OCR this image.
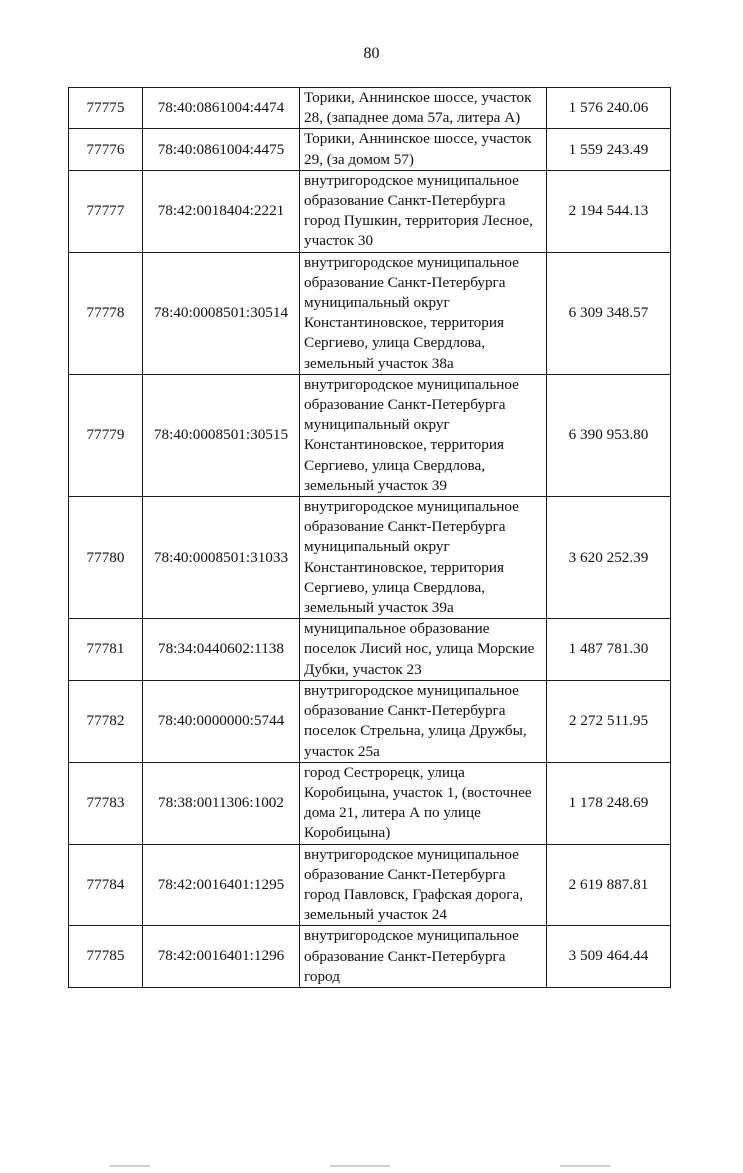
80
77775	78:40:0861004:4474	Торики, Аннинское шоссе, участок 28, (западнее дома 57а, литера А)	1 576 240.06
77776	78:40:0861004:4475	Торики, Аннинское шоссе, участок 29, (за домом 57)	1 559 243.49
77777	78:42:0018404:2221	внутригородское муниципальное образование Санкт-Петербурга город Пушкин, территория Лесное, участок 30	2 194 544.13
77778	78:40:0008501:30514	внутригородское муниципальное образование Санкт-Петербурга муниципальный округ Константиновское, территория Сергиево, улица Свердлова, земельный участок 38а	6 309 348.57
77779	78:40:0008501:30515	внутригородское муниципальное образование Санкт-Петербурга муниципальный округ Константиновское, территория Сергиево, улица Свердлова, земельный участок 39	6 390 953.80
77780	78:40:0008501:31033	внутригородское муниципальное образование Санкт-Петербурга муниципальный округ Константиновское, территория Сергиево, улица Свердлова, земельный участок 39а	3 620 252.39
77781	78:34:0440602:1138	муниципальное образование поселок Лисий нос, улица Морские Дубки, участок 23	1 487 781.30
77782	78:40:0000000:5744	внутригородское муниципальное образование Санкт-Петербурга поселок Стрельна, улица Дружбы, участок 25а	2 272 511.95
77783	78:38:0011306:1002	город Сестрорецк, улица Коробицына, участок 1, (восточнее дома 21, литера А по улице Коробицына)	1 178 248.69
77784	78:42:0016401:1295	внутригородское муниципальное образование Санкт-Петербурга город Павловск, Графская дорога, земельный участок 24	2 619 887.81
77785	78:42:0016401:1296	внутригородское муниципальное образование Санкт-Петербурга город	3 509 464.44
